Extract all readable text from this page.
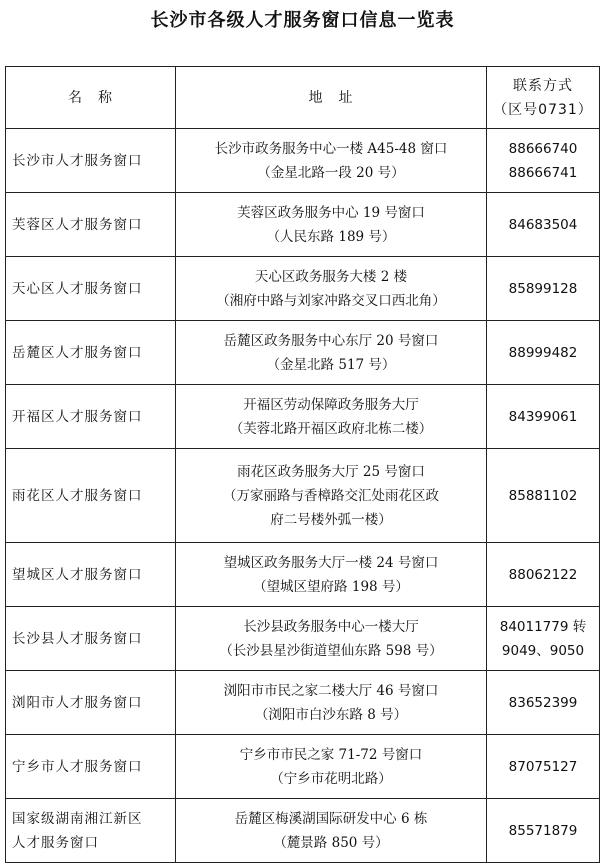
长沙市各级人才服务窗口信息一览表
名　称	地　址	联系方式
（区号0731）

长沙市人才服务窗口	长沙市政务服务中心一楼 A45-48 窗口
（金星北路一段 20 号）	88666740
88666741

芙蓉区人才服务窗口	芙蓉区政务服务中心 19 号窗口
（人民东路 189 号）	84683504

天心区人才服务窗口	天心区政务服务大楼 2 楼
（湘府中路与刘家冲路交叉口西北角）	85899128

岳麓区人才服务窗口	岳麓区政务服务中心东厅 20 号窗口
（金星北路 517 号）	88999482

开福区人才服务窗口	开福区劳动保障政务服务大厅
（芙蓉北路开福区政府北栋二楼）	84399061

雨花区人才服务窗口	雨花区政务服务大厅 25 号窗口
（万家丽路与香樟路交汇处雨花区政
府二号楼外弧一楼）	85881102

望城区人才服务窗口	望城区政务服务大厅一楼 24 号窗口
（望城区望府路 198 号）	88062122

长沙县人才服务窗口	长沙县政务服务中心一楼大厅
（长沙县星沙街道望仙东路 598 号）	84011779 转
9049、9050

浏阳市人才服务窗口	浏阳市市民之家二楼大厅 46 号窗口
（浏阳市白沙东路 8 号）	83652399

宁乡市人才服务窗口	宁乡市市民之家 71-72 号窗口
（宁乡市花明北路）	87075127

国家级湖南湘江新区
人才服务窗口	岳麓区梅溪湖国际研发中心 6 栋
（麓景路 850 号）	85571879
